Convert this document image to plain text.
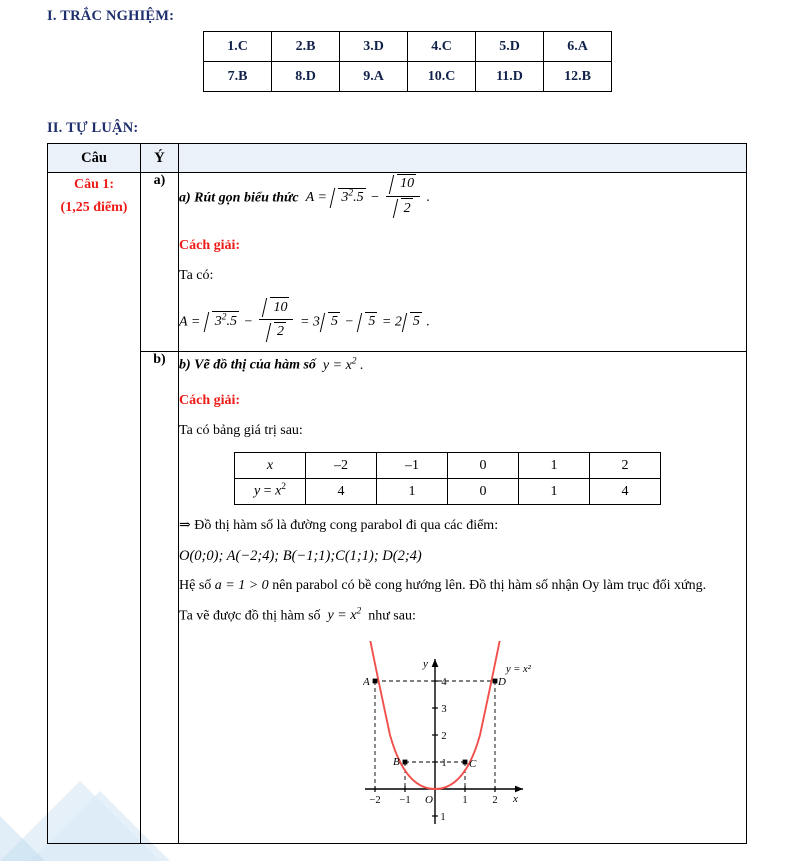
I. TRẮC NGHIỆM:
1.C	2.B	3.D	4.C	5.D	6.A
7.B	8.D	9.A	10.C	11.D	12.B
II. TỰ LUẬN:
Câu	Ý	

Câu 1:
(1,25 điểm)
	a)	
a) Rút gọn biểu thức $A = 3^2.5 - \frac{10}{2}$ .
Cách giải:
Ta có:
$A = 3^2.5 - \frac{10}{2} = 3$ 5 − 5 = 2 5 .

b)	b) Vẽ đồ thị của hàm số $y = x^2$ .
Cách giải:
Ta có bảng giá trị sau:
x	–2	–1	0	1	2
$y = x^2$	4	1	0	1	4
⇒ Đồ thị hàm số là đường cong parabol đi qua các điểm:
O(0;0); A(−2;4); B(−1;1);C(1;1); D(2;4)
Hệ số a = 1 > 0 nên parabol có bề cong hướng lên. Đồ thị hàm số nhận Oy làm trục đối xứng.
Ta vẽ được đồ thị hàm số $y = x^2$ như sau:
A
B	C
D
O	x
y	y = x²
−2 −1	1 2
1
2
3
4
1
